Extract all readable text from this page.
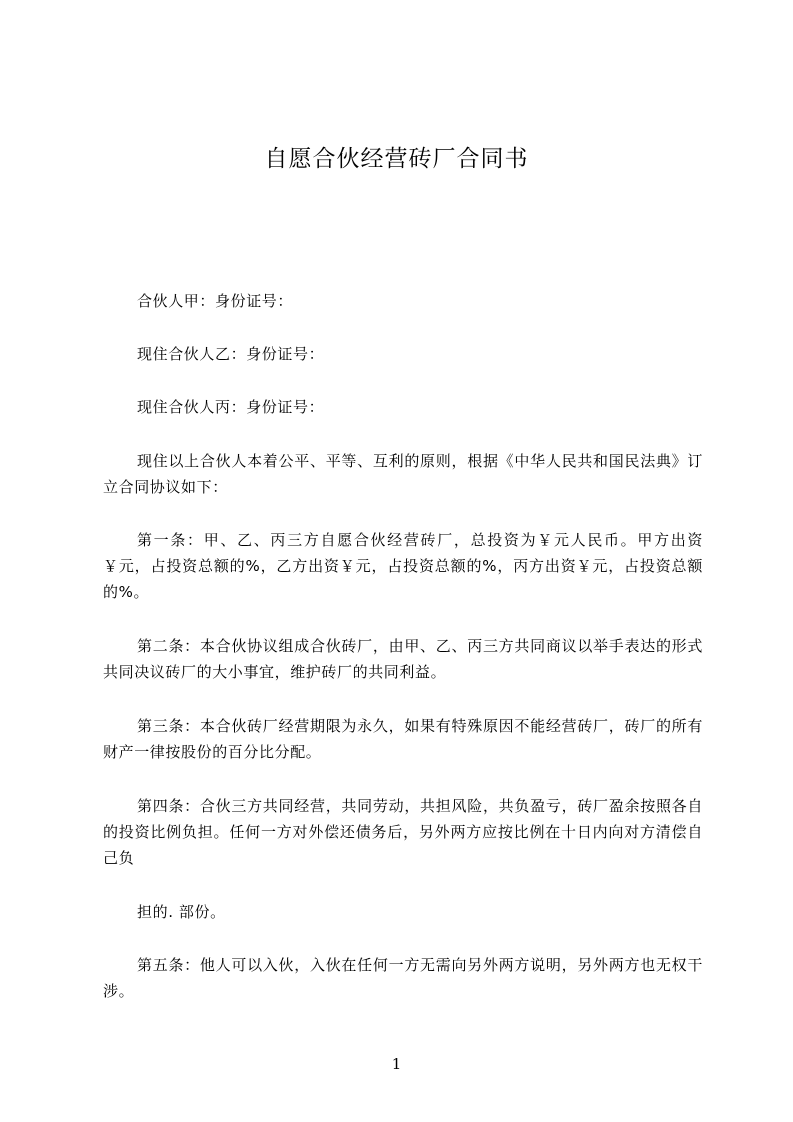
自愿合伙经营砖厂合同书
合伙人甲：身份证号：
现住合伙人乙：身份证号：
现住合伙人丙：身份证号：
现住以上合伙人本着公平、平等、互利的原则，根据《中华人民共和国民法典》订立合同协议如下：
第一条：甲、乙、丙三方自愿合伙经营砖厂，总投资为￥元人民币。甲方出资￥元，占投资总额的%，乙方出资￥元，占投资总额的%，丙方出资￥元，占投资总额的%。
第二条：本合伙协议组成合伙砖厂，由甲、乙、丙三方共同商议以举手表达的形式共同决议砖厂的大小事宜，维护砖厂的共同利益。
第三条：本合伙砖厂经营期限为永久，如果有特殊原因不能经营砖厂，砖厂的所有财产一律按股份的百分比分配。
第四条：合伙三方共同经营，共同劳动，共担风险，共负盈亏，砖厂盈余按照各自的投资比例负担。任何一方对外偿还债务后，另外两方应按比例在十日内向对方清偿自己负
担的. 部份。
第五条：他人可以入伙，入伙在任何一方无需向另外两方说明，另外两方也无权干涉。
1
